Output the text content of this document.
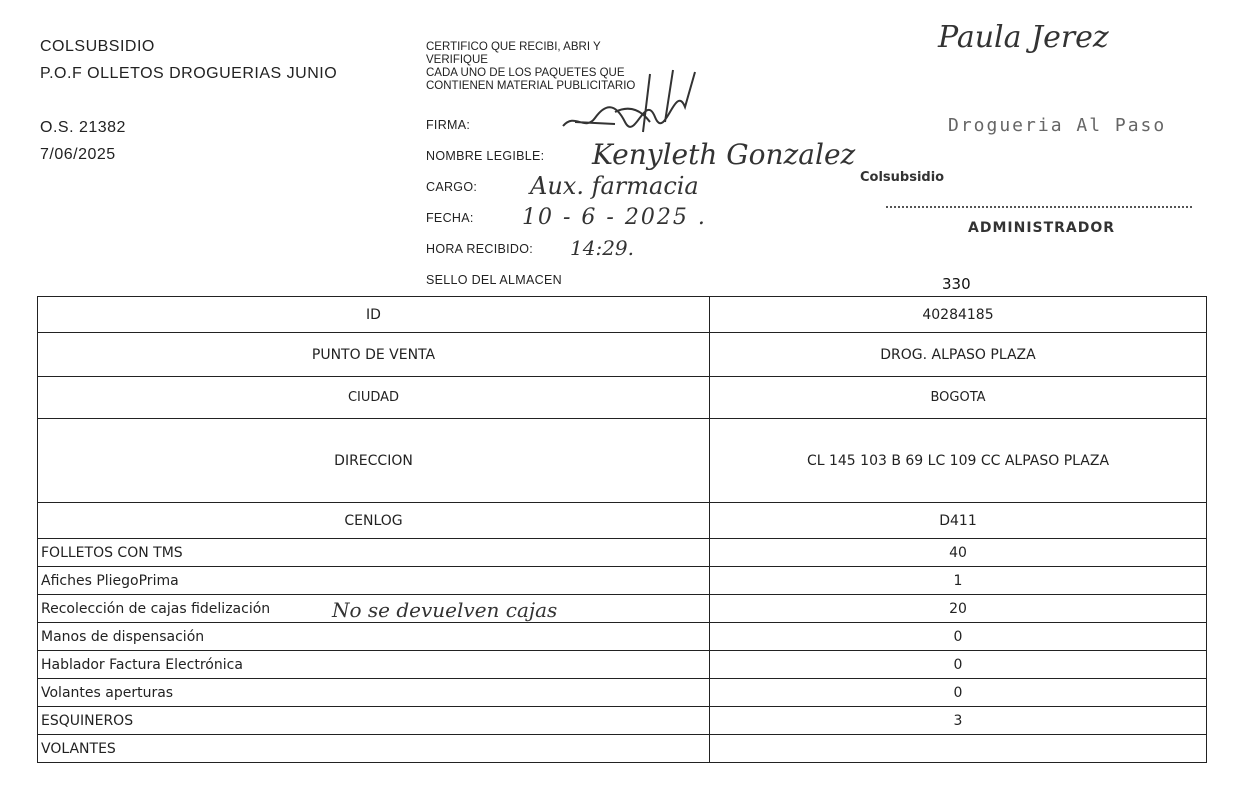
COLSUBSIDIO
P.O.F OLLETOS DROGUERIAS JUNIO
O.S. 21382
7/06/2025
CERTIFICO QUE RECIBI, ABRI Y
VERIFIQUE
CADA UNO DE LOS PAQUETES QUE
CONTIENEN MATERIAL PUBLICITARIO
FIRMA:
NOMBRE LEGIBLE:
CARGO:
FECHA:
HORA RECIBIDO:
SELLO DEL ALMACEN
Kenyleth Gonzalez
Aux. farmacia
10 - 6 - 2025 .
14:29.
330
Paula Jerez
Drogueria Al Paso
Colsubsidio
ADMINISTRADOR
ID	40284185
PUNTO DE VENTA	DROG. ALPASO PLAZA
CIUDAD	BOGOTA
DIRECCION	CL 145 103 B 69 LC 109 CC ALPASO PLAZA
CENLOG	D411
FOLLETOS CON TMS	40
Afiches PliegoPrima	1
Recolección de cajas fidelización	20
Manos de dispensación	0
Hablador Factura Electrónica	0
Volantes aperturas	0
ESQUINEROS	3
VOLANTES	
No se devuelven cajas
